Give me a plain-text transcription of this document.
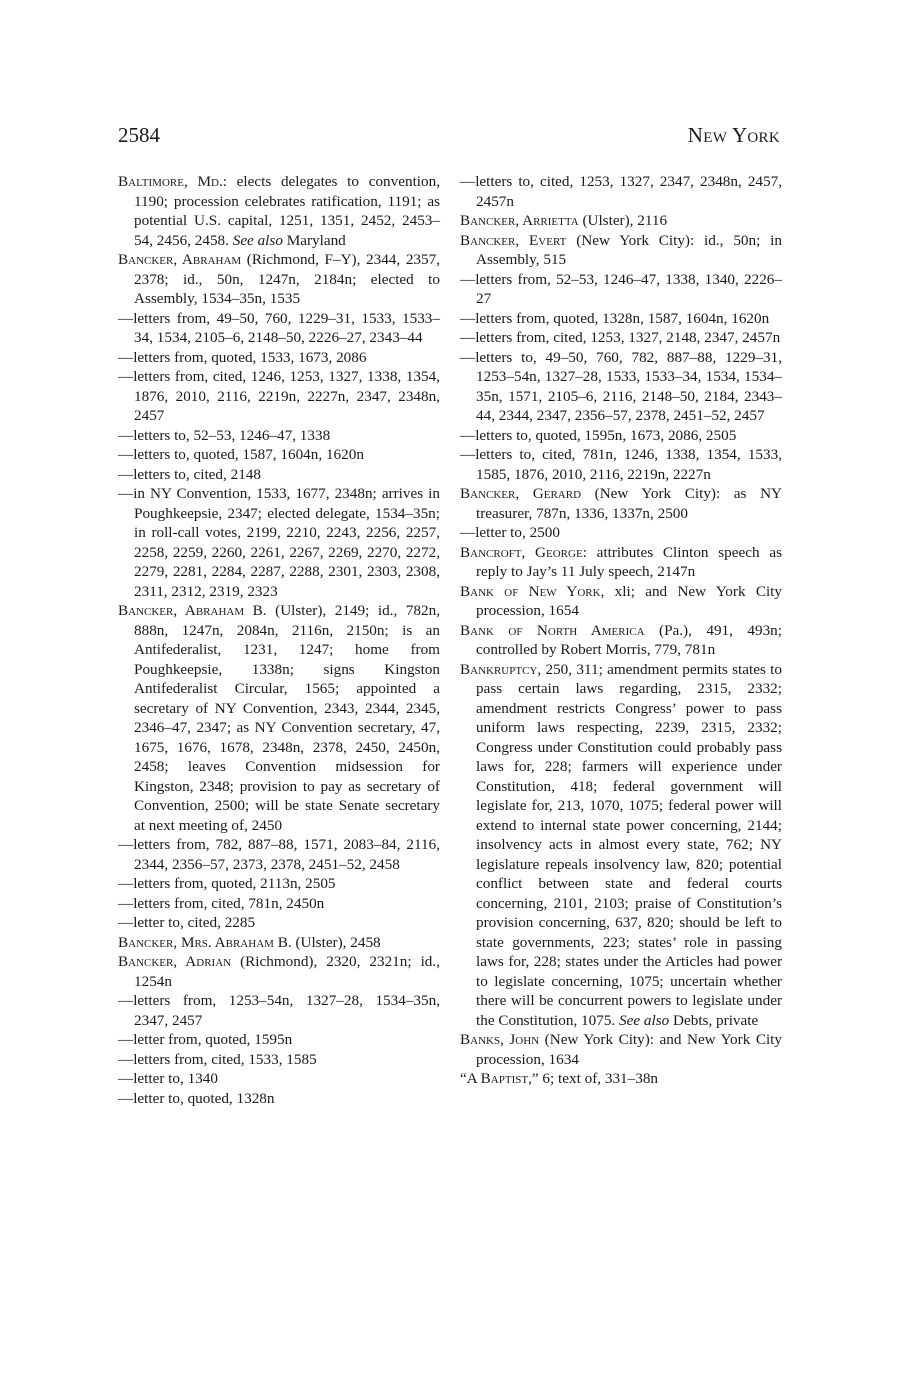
2584	New York

Baltimore, Md.: elects delegates to convention, 1190; procession celebrates ratification, 1191; as potential U.S. capital, 1251, 1351, 2452, 2453–54, 2456, 2458. See also Maryland

Bancker, Abraham (Richmond, F–Y), 2344, 2357, 2378; id., 50n, 1247n, 2184n; elected to Assembly, 1534–35n, 1535

—letters from, 49–50, 760, 1229–31, 1533, 1533–34, 1534, 2105–6, 2148–50, 2226–27, 2343–44

—letters from, quoted, 1533, 1673, 2086

—letters from, cited, 1246, 1253, 1327, 1338, 1354, 1876, 2010, 2116, 2219n, 2227n, 2347, 2348n, 2457

—letters to, 52–53, 1246–47, 1338

—letters to, quoted, 1587, 1604n, 1620n

—letters to, cited, 2148

—in NY Convention, 1533, 1677, 2348n; arrives in Poughkeepsie, 2347; elected delegate, 1534–35n; in roll-call votes, 2199, 2210, 2243, 2256, 2257, 2258, 2259, 2260, 2261, 2267, 2269, 2270, 2272, 2279, 2281, 2284, 2287, 2288, 2301, 2303, 2308, 2311, 2312, 2319, 2323

Bancker, Abraham B. (Ulster), 2149; id., 782n, 888n, 1247n, 2084n, 2116n, 2150n; is an Antifederalist, 1231, 1247; home from Poughkeepsie, 1338n; signs Kingston Antifederalist Circular, 1565; appointed a secretary of NY Convention, 2343, 2344, 2345, 2346–47, 2347; as NY Convention secretary, 47, 1675, 1676, 1678, 2348n, 2378, 2450, 2450n, 2458; leaves Convention midsession for Kingston, 2348; provision to pay as secretary of Convention, 2500; will be state Senate secretary at next meeting of, 2450

—letters from, 782, 887–88, 1571, 2083–84, 2116, 2344, 2356–57, 2373, 2378, 2451–52, 2458

—letters from, quoted, 2113n, 2505

—letters from, cited, 781n, 2450n

—letter to, cited, 2285

Bancker, Mrs. Abraham B. (Ulster), 2458

Bancker, Adrian (Richmond), 2320, 2321n; id., 1254n

—letters from, 1253–54n, 1327–28, 1534–35n, 2347, 2457

—letter from, quoted, 1595n

—letters from, cited, 1533, 1585

—letter to, 1340

—letter to, quoted, 1328n

—letters to, cited, 1253, 1327, 2347, 2348n, 2457, 2457n

Bancker, Arrietta (Ulster), 2116

Bancker, Evert (New York City): id., 50n; in Assembly, 515

—letters from, 52–53, 1246–47, 1338, 1340, 2226–27

—letters from, quoted, 1328n, 1587, 1604n, 1620n

—letters from, cited, 1253, 1327, 2148, 2347, 2457n

—letters to, 49–50, 760, 782, 887–88, 1229–31, 1253–54n, 1327–28, 1533, 1533–34, 1534, 1534–35n, 1571, 2105–6, 2116, 2148–50, 2184, 2343–44, 2344, 2347, 2356–57, 2378, 2451–52, 2457

—letters to, quoted, 1595n, 1673, 2086, 2505

—letters to, cited, 781n, 1246, 1338, 1354, 1533, 1585, 1876, 2010, 2116, 2219n, 2227n

Bancker, Gerard (New York City): as NY treasurer, 787n, 1336, 1337n, 2500

—letter to, 2500

Bancroft, George: attributes Clinton speech as reply to Jay’s 11 July speech, 2147n

Bank of New York, xli; and New York City procession, 1654

Bank of North America (Pa.), 491, 493n; controlled by Robert Morris, 779, 781n

Bankruptcy, 250, 311; amendment permits states to pass certain laws regarding, 2315, 2332; amendment restricts Congress’ power to pass uniform laws respecting, 2239, 2315, 2332; Congress under Constitution could probably pass laws for, 228; farmers will experience under Constitution, 418; federal government will legislate for, 213, 1070, 1075; federal power will extend to internal state power concerning, 2144; insolvency acts in almost every state, 762; NY legislature repeals insolvency law, 820; potential conflict between state and federal courts concerning, 2101, 2103; praise of Constitution’s provision concerning, 637, 820; should be left to state governments, 223; states’ role in passing laws for, 228; states under the Articles had power to legislate concerning, 1075; uncertain whether there will be concurrent powers to legislate under the Constitution, 1075. See also Debts, private

Banks, John (New York City): and New York City procession, 1634

“A Baptist,” 6; text of, 331–38n
